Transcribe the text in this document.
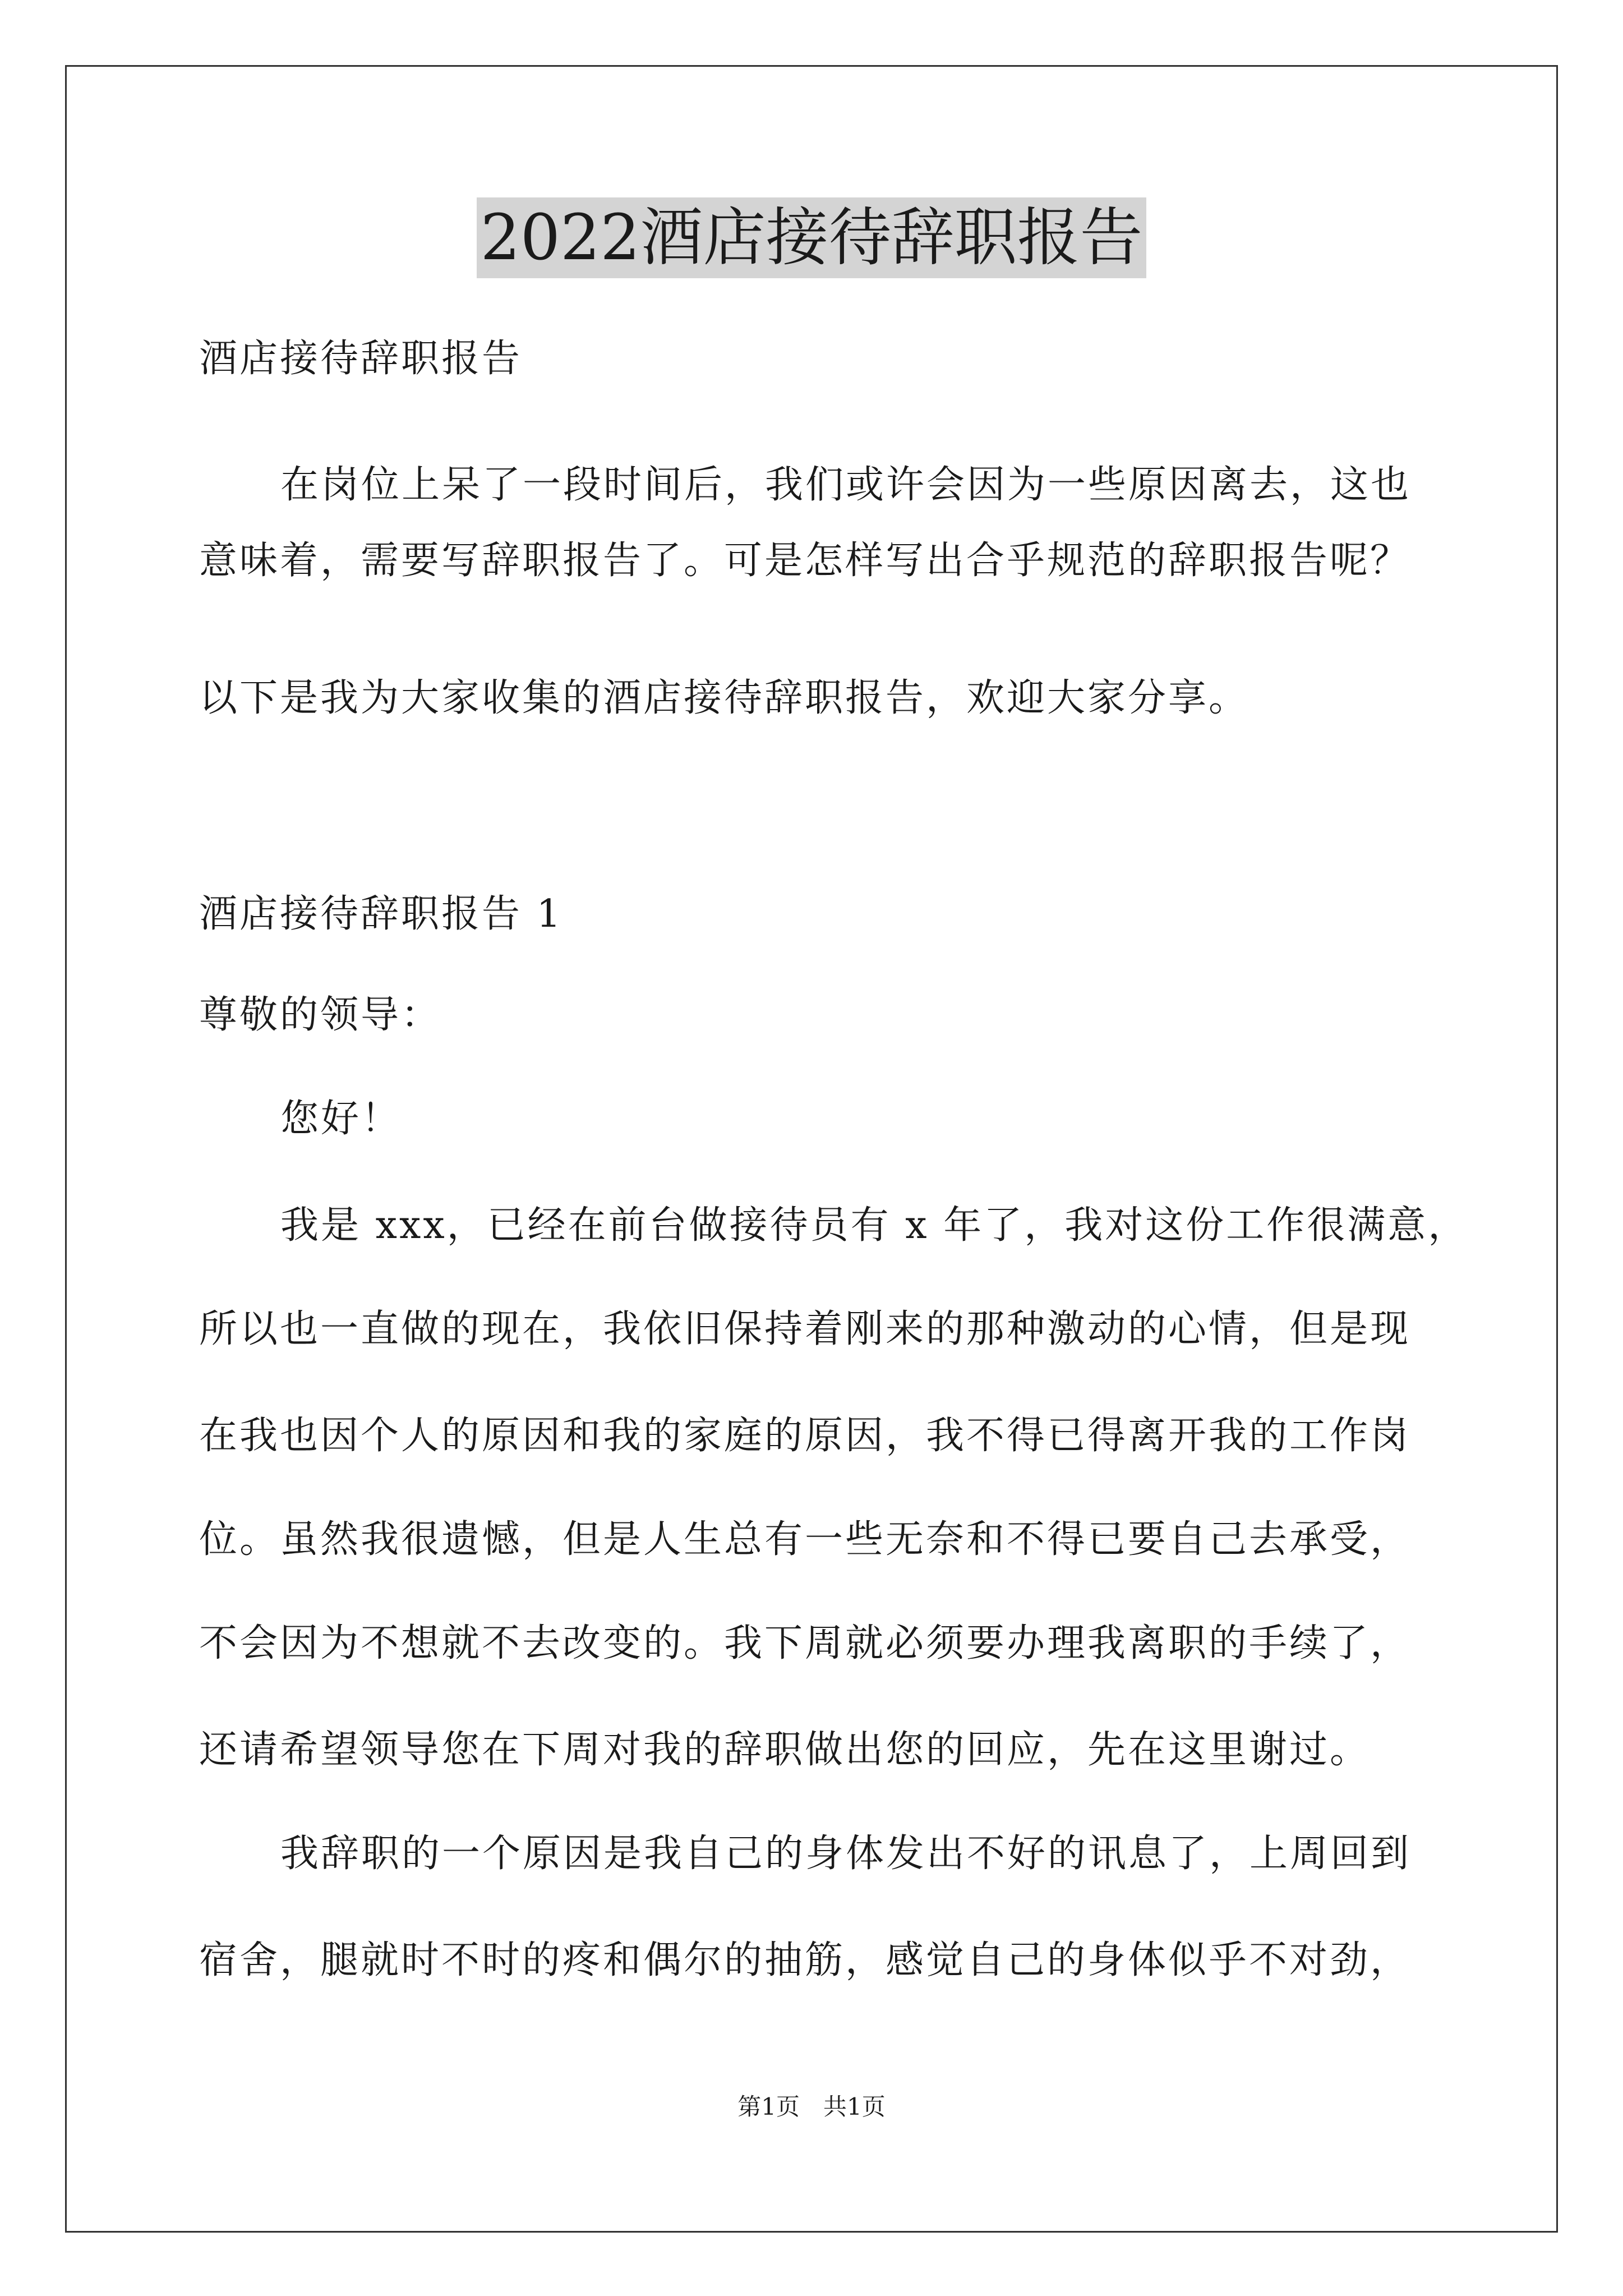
2022酒店接待辞职报告
酒店接待辞职报告
在岗位上呆了一段时间后，我们或许会因为一些原因离去，这也
意味着，需要写辞职报告了。可是怎样写出合乎规范的辞职报告呢？
以下是我为大家收集的酒店接待辞职报告，欢迎大家分享。
酒店接待辞职报告 1
尊敬的领导：
您好！
我是 xxx，已经在前台做接待员有 x 年了，我对这份工作很满意，
所以也一直做的现在，我依旧保持着刚来的那种激动的心情，但是现
在我也因个人的原因和我的家庭的原因，我不得已得离开我的工作岗
位。虽然我很遗憾，但是人生总有一些无奈和不得已要自己去承受，
不会因为不想就不去改变的。我下周就必须要办理我离职的手续了，
还请希望领导您在下周对我的辞职做出您的回应，先在这里谢过。
我辞职的一个原因是我自己的身体发出不好的讯息了，上周回到
宿舍，腿就时不时的疼和偶尔的抽筋，感觉自己的身体似乎不对劲，
第1页　共1页
